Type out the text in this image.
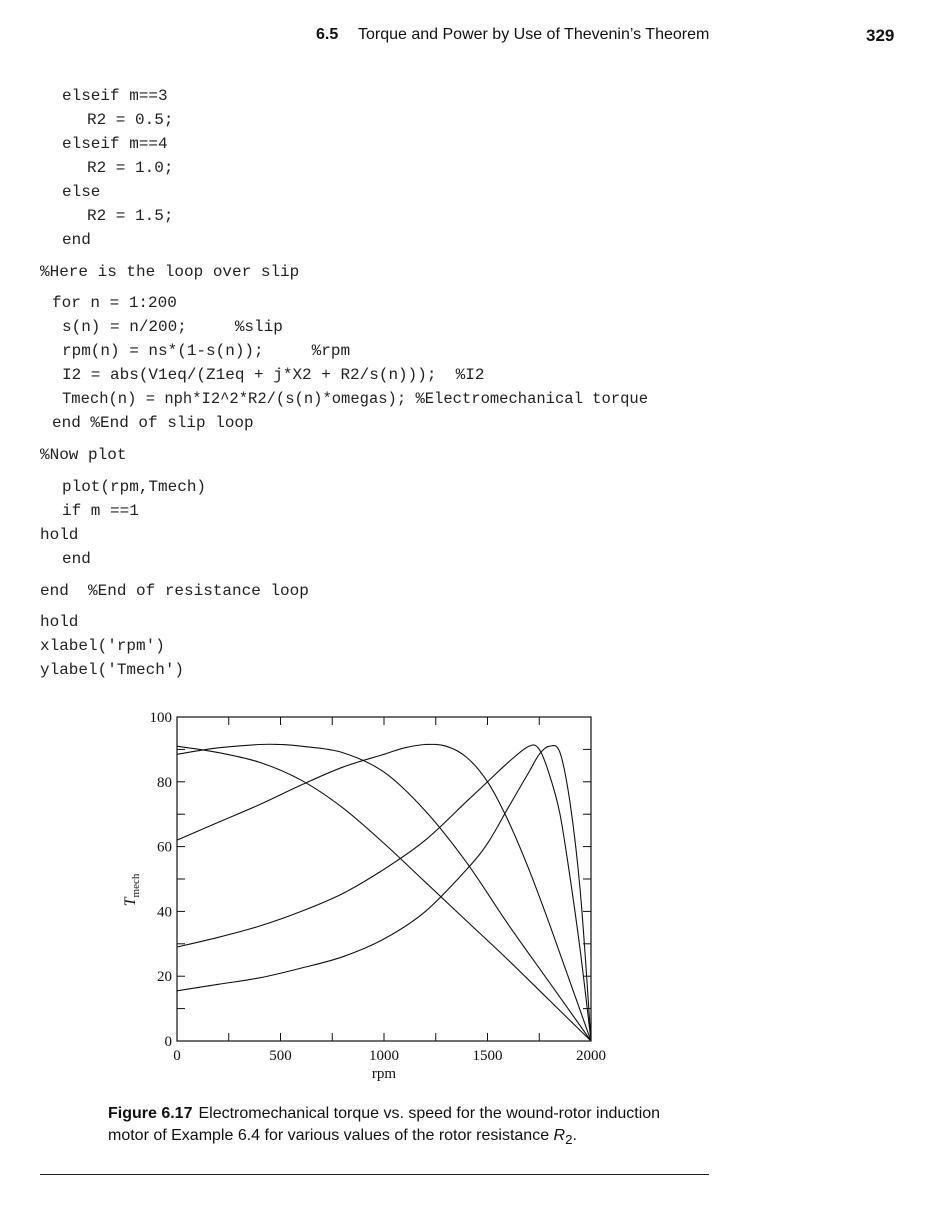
6.5 Torque and Power by Use of Thevenin’s Theorem	329
elseif m==3
R2 = 0.5;
elseif m==4
R2 = 1.0;
else
R2 = 1.5;
end
%Here is the loop over slip
for n = 1:200
s(n) = n/200;     %slip
rpm(n) = ns*(1-s(n));     %rpm
I2 = abs(V1eq/(Z1eq + j*X2 + R2/s(n)));  %I2
Tmech(n) = nph*I2^2*R2/(s(n)*omegas); %Electromechanical torque
end %End of slip loop
%Now plot
plot(rpm,Tmech)
if m ==1
hold
end
end  %End of resistance loop
hold
xlabel('rpm')
ylabel('Tmech')
0	500	1000	1500	2000
0
20
40
60
80
100
rpm
$T_{mech}$
Figure 6.17 Electromechanical torque vs. speed for the wound-rotor induction motor of Example 6.4 for various values of the rotor resistance $R_2$.
